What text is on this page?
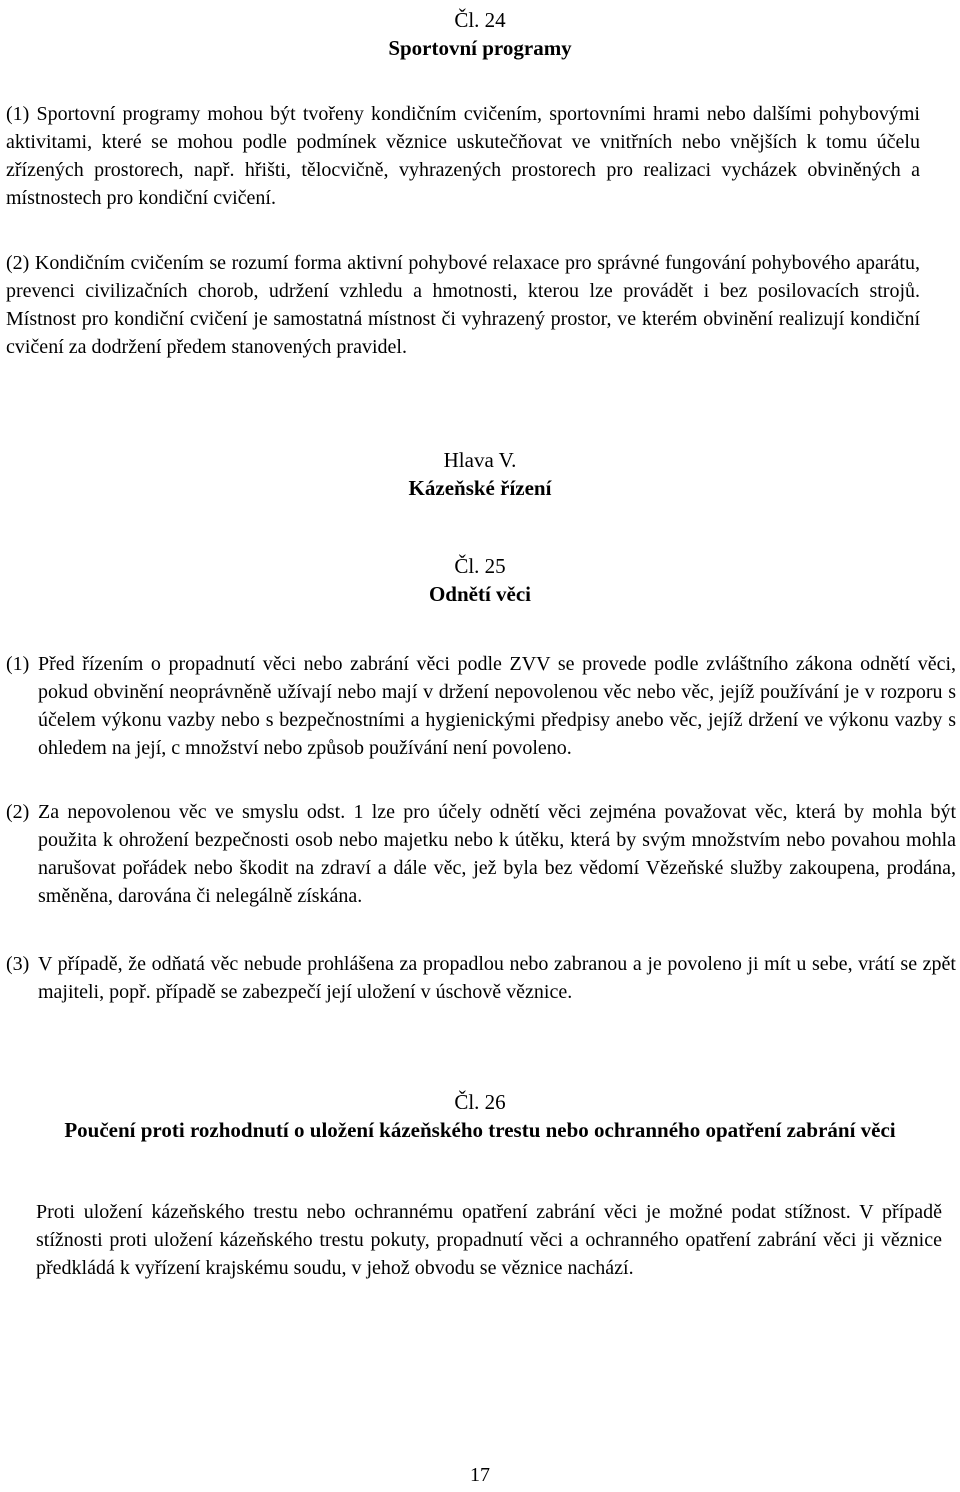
Čl. 24
Sportovní programy

(1) Sportovní programy mohou být tvořeny kondičním cvičením, sportovními hrami nebo dalšími pohybovými aktivitami, které se mohou podle podmínek věznice uskutečňovat ve vnitřních nebo vnějších k tomu účelu zřízených prostorech, např. hřišti, tělocvičně, vyhrazených prostorech pro realizaci vycházek obviněných a místnostech pro kondiční cvičení.

(2) Kondičním cvičením se rozumí forma aktivní pohybové relaxace pro správné fungování pohybového aparátu, prevenci civilizačních chorob, udržení vzhledu a hmotnosti, kterou lze provádět i bez posilovacích strojů. Místnost pro kondiční cvičení je samostatná místnost či vyhrazený prostor, ve kterém obvinění realizují kondiční cvičení za dodržení předem stanovených pravidel.

Hlava V.
Kázeňské řízení
Čl. 25
Odnětí věci
(1) Před řízením o propadnutí věci nebo zabrání věci podle ZVV se provede podle zvláštního zákona odnětí věci, pokud obvinění neoprávněně užívají nebo mají v držení nepovolenou věc nebo věc, jejíž používání je v rozporu s účelem výkonu vazby nebo s bezpečnostními a hygienickými předpisy anebo věc, jejíž držení ve výkonu vazby s ohledem na její, c množství nebo způsob používání není povoleno.
(2) Za nepovolenou věc ve smyslu odst. 1 lze pro účely odnětí věci zejména považovat věc, která by mohla být použita k ohrožení bezpečnosti osob nebo majetku nebo k útěku, která by svým množstvím nebo povahou mohla narušovat pořádek nebo škodit na zdraví a dále věc, jež byla bez vědomí Vězeňské služby zakoupena, prodána, směněna, darována či nelegálně získána.
(3) V případě, že odňatá věc nebude prohlášena za propadlou nebo zabranou a je povoleno ji mít u sebe, vrátí se zpět majiteli, popř. případě se zabezpečí její uložení v úschově věznice.
Čl. 26
Poučení proti rozhodnutí o uložení kázeňského trestu nebo ochranného opatření zabrání věci

Proti uložení kázeňského trestu nebo ochrannému opatření zabrání věci je možné podat stížnost. V případě stížnosti proti uložení kázeňského trestu pokuty, propadnutí věci a ochranného opatření zabrání věci ji věznice předkládá k vyřízení krajskému soudu, v jehož obvodu se věznice nachází.

17
